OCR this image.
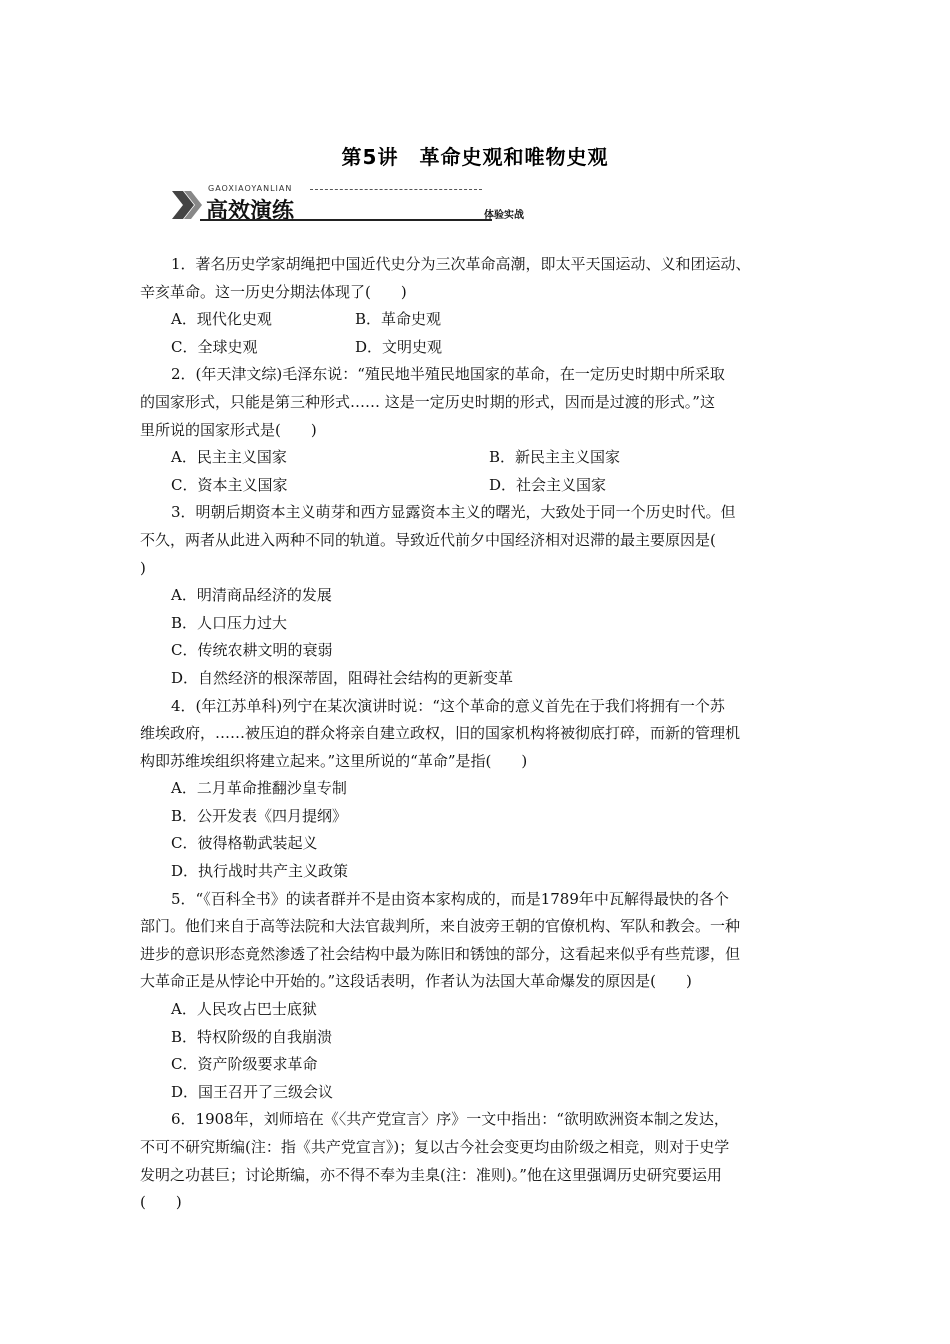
第5讲　革命史观和唯物史观
GAOXIAOYANLIAN
高效演练	体验实战
1．著名历史学家胡绳把中国近代史分为三次革命高潮，即太平天国运动、义和团运动、
辛亥革命。这一历史分期法体现了(　　)
A．现代化史观	B．革命史观
C．全球史观	D．文明史观
2．(年天津文综)毛泽东说：“殖民地半殖民地国家的革命，在一定历史时期中所采取
的国家形式，只能是第三种形式…… 这是一定历史时期的形式，因而是过渡的形式。”这
里所说的国家形式是(　　)
A．民主主义国家	B．新民主主义国家
C．资本主义国家	D．社会主义国家
3．明朝后期资本主义萌芽和西方显露资本主义的曙光，大致处于同一个历史时代。但
不久，两者从此进入两种不同的轨道。导致近代前夕中国经济相对迟滞的最主要原因是(
)
A．明清商品经济的发展
B．人口压力过大
C．传统农耕文明的衰弱
D．自然经济的根深蒂固，阻碍社会结构的更新变革
4．(年江苏单科)列宁在某次演讲时说：“这个革命的意义首先在于我们将拥有一个苏
维埃政府，……被压迫的群众将亲自建立政权，旧的国家机构将被彻底打碎，而新的管理机
构即苏维埃组织将建立起来。”这里所说的“革命”是指(　　)
A．二月革命推翻沙皇专制
B．公开发表《四月提纲》
C．彼得格勒武装起义
D．执行战时共产主义政策
5．“《百科全书》的读者群并不是由资本家构成的，而是1789年中瓦解得最快的各个
部门。他们来自于高等法院和大法官裁判所，来自波旁王朝的官僚机构、军队和教会。一种
进步的意识形态竟然渗透了社会结构中最为陈旧和锈蚀的部分，这看起来似乎有些荒谬，但
大革命正是从悖论中开始的。”这段话表明，作者认为法国大革命爆发的原因是(　　)
A．人民攻占巴士底狱
B．特权阶级的自我崩溃
C．资产阶级要求革命
D．国王召开了三级会议
6．1908年，刘师培在《〈共产党宣言〉序》一文中指出：“欲明欧洲资本制之发达，
不可不研究斯编(注：指《共产党宣言》)；复以古今社会变更均由阶级之相竞，则对于史学
发明之功甚巨；讨论斯编，亦不得不奉为圭臬(注：准则)。”他在这里强调历史研究要运用
(　　)
